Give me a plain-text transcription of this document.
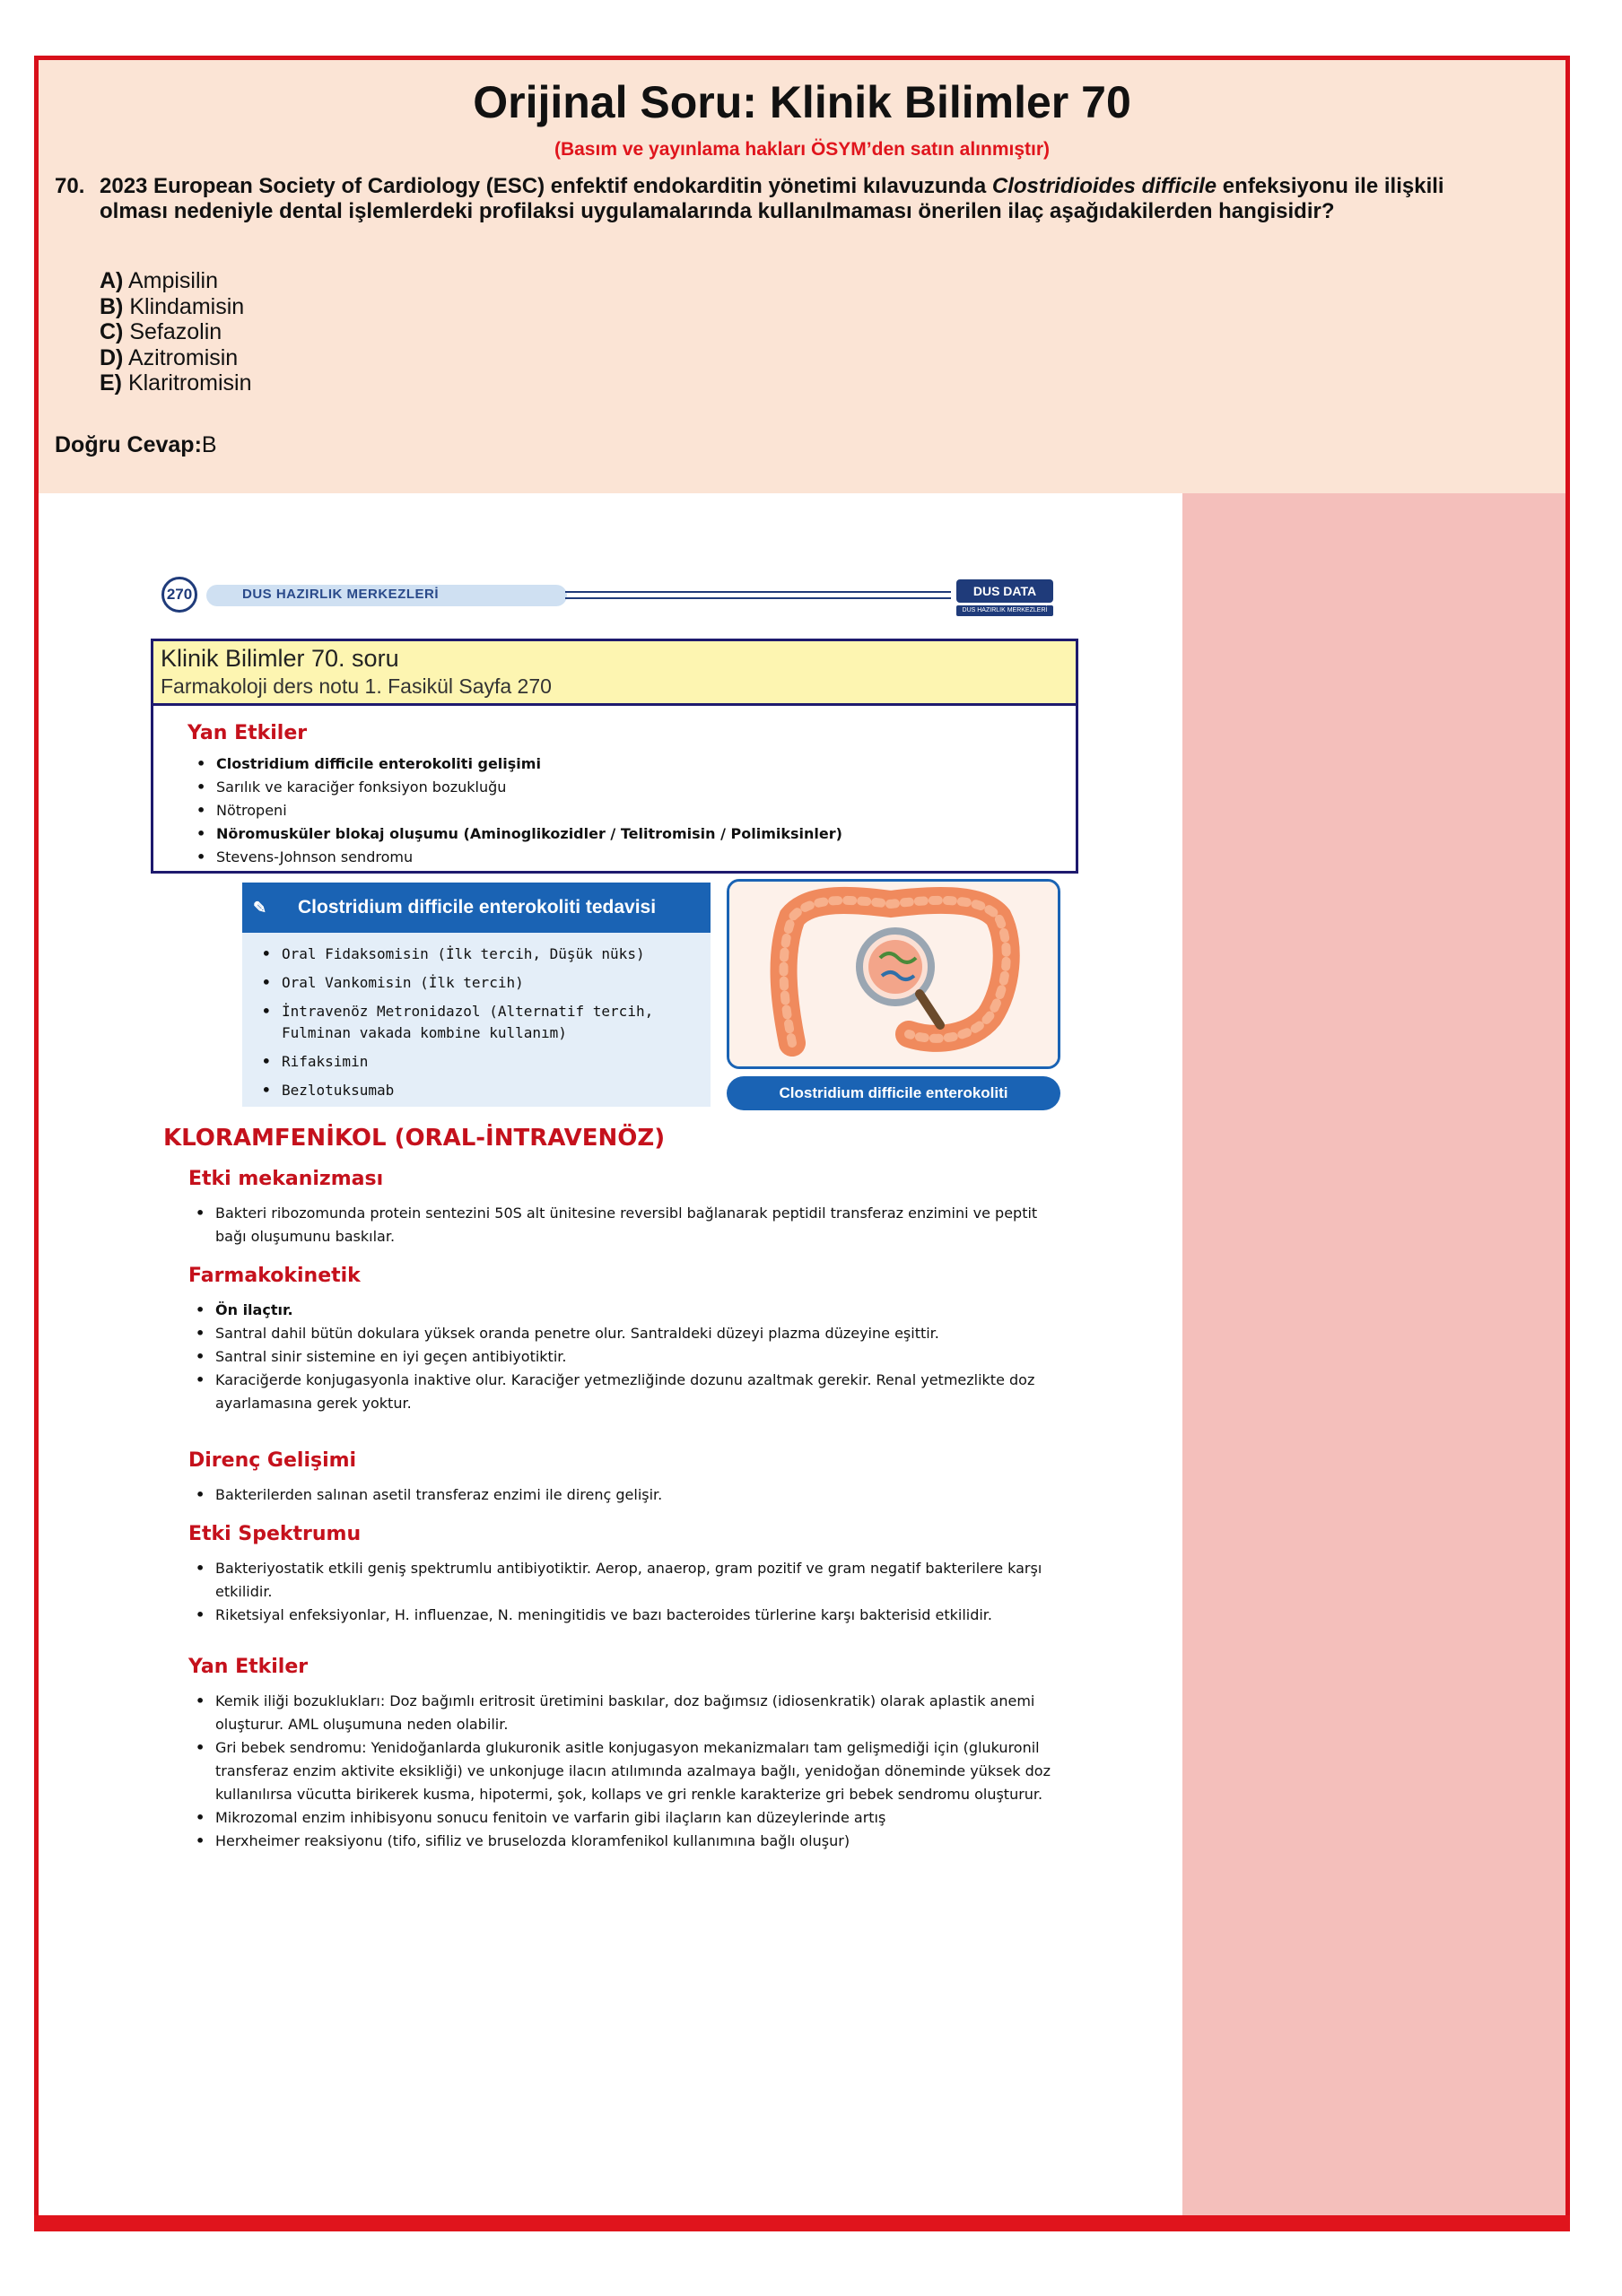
Orijinal Soru: Klinik Bilimler 70
(Basım ve yayınlama hakları ÖSYM’den satın alınmıştır)
70. 2023 European Society of Cardiology (ESC) enfektif endokarditin yönetimi kılavuzunda Clostridioides difficile enfeksiyonu ile ilişkili olması nedeniyle dental işlemlerdeki profilaksi uygulamalarında kullanılmaması önerilen ilaç aşağıdakilerden hangisidir?
A) Ampisilin
B) Klindamisin
C) Sefazolin
D) Azitromisin
E) Klaritromisin
Doğru Cevap:B
270	DUS HAZIRLIK MERKEZLERİ	DUS DATA
DUS HAZIRLIK MERKEZLERİ
Klinik Bilimler 70. soru
Farmakoloji ders notu 1. Fasikül Sayfa 270
Yan Etkiler
• Clostridium difficile enterokoliti gelişimi
• Sarılık ve karaciğer fonksiyon bozukluğu
• Nötropeni
• Nöromusküler blokaj oluşumu (Aminoglikozidler / Telitromisin / Polimiksinler)
• Stevens-Johnson sendromu
✎ Clostridium difficile enterokoliti tedavisi
• Oral Fidaksomisin (İlk tercih, Düşük nüks)
• Oral Vankomisin (İlk tercih)
• İntravenöz Metronidazol (Alternatif tercih, Fulminan vakada kombine kullanım)
• Rifaksimin
• Bezlotuksumab	Clostridium difficile enterokoliti
KLORAMFENİKOL (ORAL-İNTRAVENÖZ)
Etki mekanizması
• Bakteri ribozomunda protein sentezini 50S alt ünitesine reversibl bağlanarak peptidil transferaz enzimini ve peptit bağı oluşumunu baskılar.
Farmakokinetik
• Ön ilaçtır.
• Santral dahil bütün dokulara yüksek oranda penetre olur. Santraldeki düzeyi plazma düzeyine eşittir.
• Santral sinir sistemine en iyi geçen antibiyotiktir.
• Karaciğerde konjugasyonla inaktive olur. Karaciğer yetmezliğinde dozunu azaltmak gerekir. Renal yetmezlikte doz ayarlamasına gerek yoktur.
Direnç Gelişimi
• Bakterilerden salınan asetil transferaz enzimi ile direnç gelişir.
Etki Spektrumu
• Bakteriyostatik etkili geniş spektrumlu antibiyotiktir. Aerop, anaerop, gram pozitif ve gram negatif bakterilere karşı etkilidir.
• Riketsiyal enfeksiyonlar, H. influenzae, N. meningitidis ve bazı bacteroides türlerine karşı bakterisid etkilidir.
Yan Etkiler
• Kemik iliği bozuklukları: Doz bağımlı eritrosit üretimini baskılar, doz bağımsız (idiosenkratik) olarak aplastik anemi oluşturur. AML oluşumuna neden olabilir.
• Gri bebek sendromu: Yenidoğanlarda glukuronik asitle konjugasyon mekanizmaları tam gelişmediği için (glukuronil transferaz enzim aktivite eksikliği) ve unkonjuge ilacın atılımında azalmaya bağlı, yenidoğan döneminde yüksek doz kullanılırsa vücutta birikerek kusma, hipotermi, şok, kollaps ve gri renkle karakterize gri bebek sendromu oluşturur.
• Mikrozomal enzim inhibisyonu sonucu fenitoin ve varfarin gibi ilaçların kan düzeylerinde artış
• Herxheimer reaksiyonu (tifo, sifiliz ve bruselozda kloramfenikol kullanımına bağlı oluşur)
